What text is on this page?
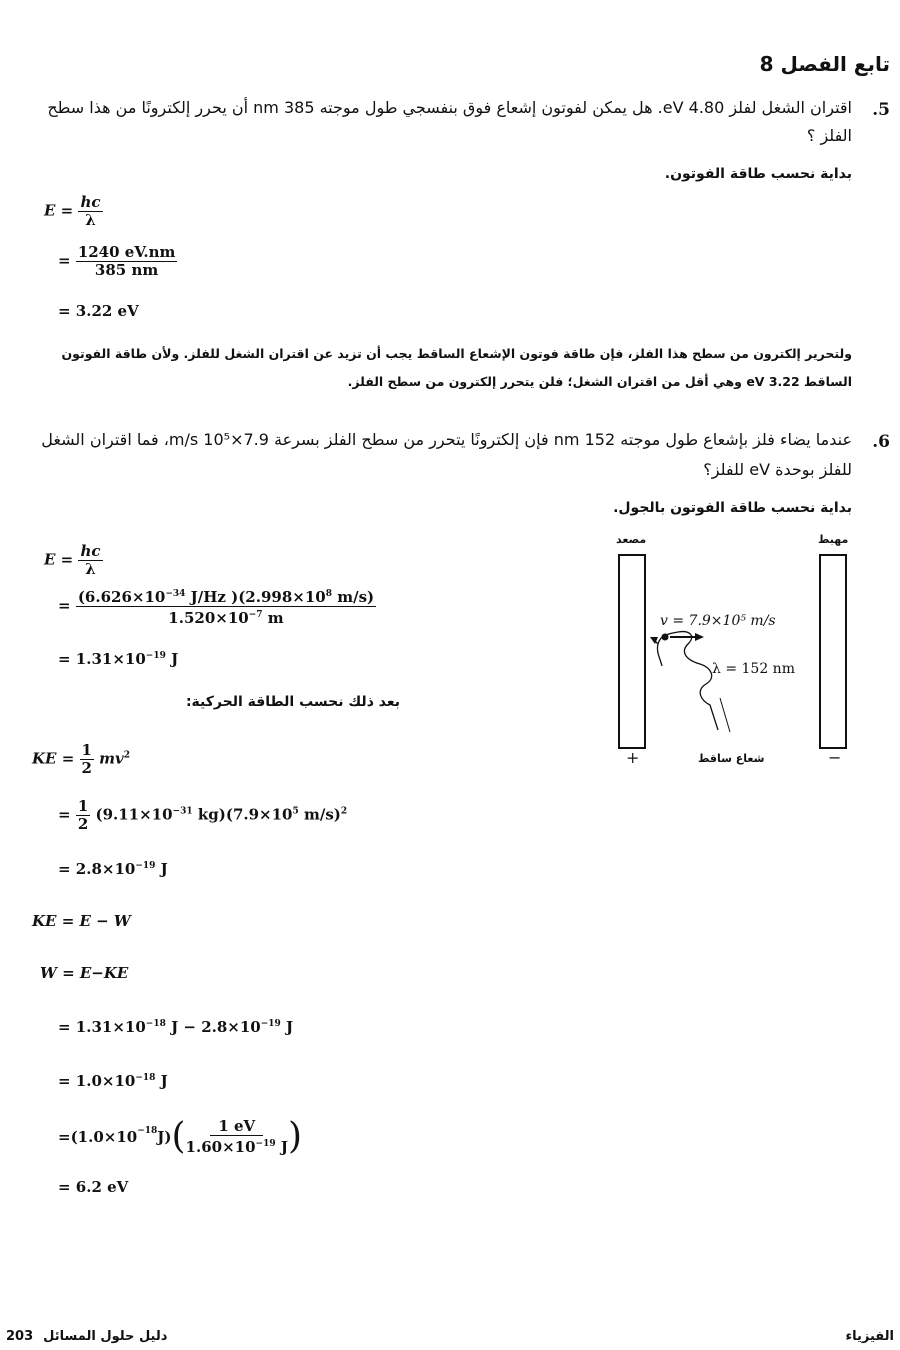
تابع الفصل 8
.5
اقتران الشغل لفلز 4.80 eV. هل يمكن لفوتون إشعاع فوق بنفسجي طول موجته 385 nm أن يحرر إلكترونًا من هذا سطح
الفلز ؟
بداية نحسب طاقة الفوتون.
$E = \frac{hc}{\lambda}$
= $\frac{1240 eV.nm}{385 nm}$
= 3.22 eV
ولتحرير إلكترون من سطح هذا الفلز، فإن طاقة فوتون الإشعاع الساقط يجب أن تزيد عن اقتران الشغل للفلز. ولأن طاقة الفوتون
الساقط 3.22 eV وهي أقل من اقتران الشغل؛ فلن يتحرر إلكترون من سطح الفلز.
.6
عندما يضاء فلز بإشعاع طول موجته 152 nm فإن إلكترونًا يتحرر من سطح الفلز بسرعة 7.9×10⁵ m/s، فما اقتران الشغل
للفلز بوحدة eV للفلز؟
بداية نحسب طاقة الفوتون بالجول.
$E = \frac{hc}{\lambda}$
= $\frac{(6.626\times 10^{-34} J/Hz )(2.998\times 10^8 m/s)}{1.520\times 10^{-7} m}$
= $1.31\times 10^{-19}$ J
بعد ذلك نحسب الطاقة الحركية:
KE = $\frac{1}{2} mv^2$
= $\frac{1}{2} (9.11\times 10^{-31}$ $kg)(7.9\times 10^5$ m/s)$^2$
= $2.8\times 10^{-19}$ J
KE = E − W
W = E−KE
= $1.31\times 10^{-18}$ $J - 2.8\times 10^{-19}$ J
= $1.0\times 10^{-18}$ J
$=(1.0\times 10^{-18}$ J) ( $\frac{1 eV}{1.60\times 10^{-19} J}$ )
= 6.2 eV
مصعد	مهبط
v = 7.9×10⁵ m/s
λ = 152 nm
شعاع ساقط
+	−
الفيزياء
203 دليل حلول المسائل
